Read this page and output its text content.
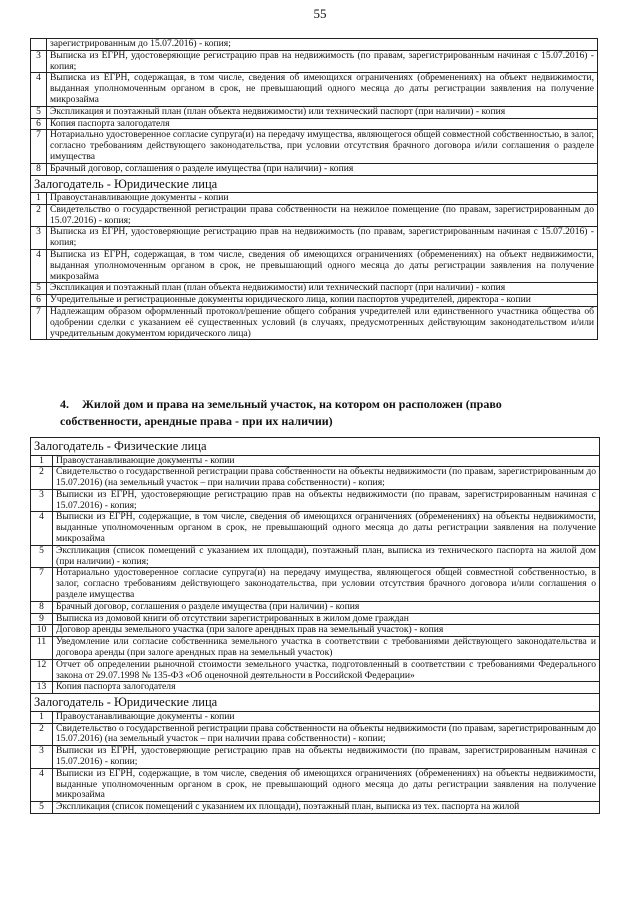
55
	зарегистрированным до 15.07.2016) - копия;
3	Выписка из ЕГРН, удостоверяющие регистрацию прав на недвижимость (по правам, зарегистрированным начиная с 15.07.2016) - копия;
4	Выписка из ЕГРН, содержащая, в том числе, сведения об имеющихся ограничениях (обременениях) на объект недвижимости, выданная уполномоченным органом в срок, не превышающий одного месяца до даты регистрации заявления на получение микрозайма
5	Экспликация и поэтажный план (план объекта недвижимости) или технический паспорт (при наличии) - копия
6	Копия паспорта залогодателя
7	Нотариально удостоверенное согласие супруга(и) на передачу имущества, являющегося общей совместной собственностью, в залог, согласно требованиям действующего законодательства, при условии отсутствия брачного договора и/или соглашения о разделе имущества
8	Брачный договор, соглашения о разделе имущества (при наличии) - копия
Залогодатель - Юридические лица	
1	Правоустанавливающие документы - копии
2	Свидетельство о государственной регистрации права собственности на нежилое помещение (по правам, зарегистрированным до 15.07.2016) - копия;
3	Выписка из ЕГРН, удостоверяющие регистрацию прав на недвижимость (по правам, зарегистрированным начиная с 15.07.2016) - копия;
4	Выписка из ЕГРН, содержащая, в том числе, сведения об имеющихся ограничениях (обременениях) на объект недвижимости, выданная уполномоченным органом в срок, не превышающий одного месяца до даты регистрации заявления на получение микрозайма
5	Экспликация и поэтажный план (план объекта недвижимости) или технический паспорт (при наличии) - копия
6	Учредительные и регистрационные документы юридического лица, копии паспортов учредителей, директора - копии
7	Надлежащим образом оформленный протокол/решение общего собрания учредителей или единственного участника общества об одобрении сделки с указанием её существенных условий (в случаях, предусмотренных действующим законодательством и/или учредительным документом юридического лица)
4. Жилой дом и права на земельный участок, на котором он расположен (право собственности, арендные права - при их наличии)
Залогодатель - Физические лица	
1	Правоустанавливающие документы - копии
2	Свидетельство о государственной регистрации права собственности на объекты недвижимости (по правам, зарегистрированным до 15.07.2016) (на земельный участок – при наличии права собственности) - копия;
3	Выписки из ЕГРН, удостоверяющие регистрацию прав на объекты недвижимости (по правам, зарегистрированным начиная с 15.07.2016) - копия;
4	Выписки из ЕГРН, содержащие, в том числе, сведения об имеющихся ограничениях (обременениях) на объекты недвижимости, выданные уполномоченным органом в срок, не превышающий одного месяца до даты регистрации заявления на получение микрозайма
5	Экспликация (список помещений с указанием их площади), поэтажный план, выписка из технического паспорта на жилой дом (при наличии) - копия;
7	Нотариально удостоверенное согласие супруга(и) на передачу имущества, являющегося общей совместной собственностью, в залог, согласно требованиям действующего законодательства, при условии отсутствия брачного договора и/или соглашения о разделе имущества
8	Брачный договор, соглашения о разделе имущества (при наличии) - копия
9	Выписка из домовой книги об отсутствии зарегистрированных в жилом доме граждан
10	Договор аренды земельного участка (при залоге арендных прав на земельный участок) - копия
11	Уведомление или согласие собственника земельного участка в соответствии с требованиями действующего законодательства и договора аренды (при залоге арендных прав на земельный участок)
12	Отчет об определении рыночной стоимости земельного участка, подготовленный в соответствии с требованиями Федерального закона от 29.07.1998 № 135-ФЗ «Об оценочной деятельности в Российской Федерации»
13	Копия паспорта залогодателя
Залогодатель - Юридические лица	
1	Правоустанавливающие документы - копии
2	Свидетельство о государственной регистрации права собственности на объекты недвижимости (по правам, зарегистрированным до 15.07.2016) (на земельный участок – при наличии права собственности) - копии;
3	Выписки из ЕГРН, удостоверяющие регистрацию прав на объекты недвижимости (по правам, зарегистрированным начиная с 15.07.2016) - копии;
4	Выписки из ЕГРН, содержащие, в том числе, сведения об имеющихся ограничениях (обременениях) на объекты недвижимости, выданные уполномоченным органом в срок, не превышающий одного месяца до даты регистрации заявления на получение микрозайма
5	Экспликация (список помещений с указанием их площади), поэтажный план, выписка из тех. паспорта на жилой
